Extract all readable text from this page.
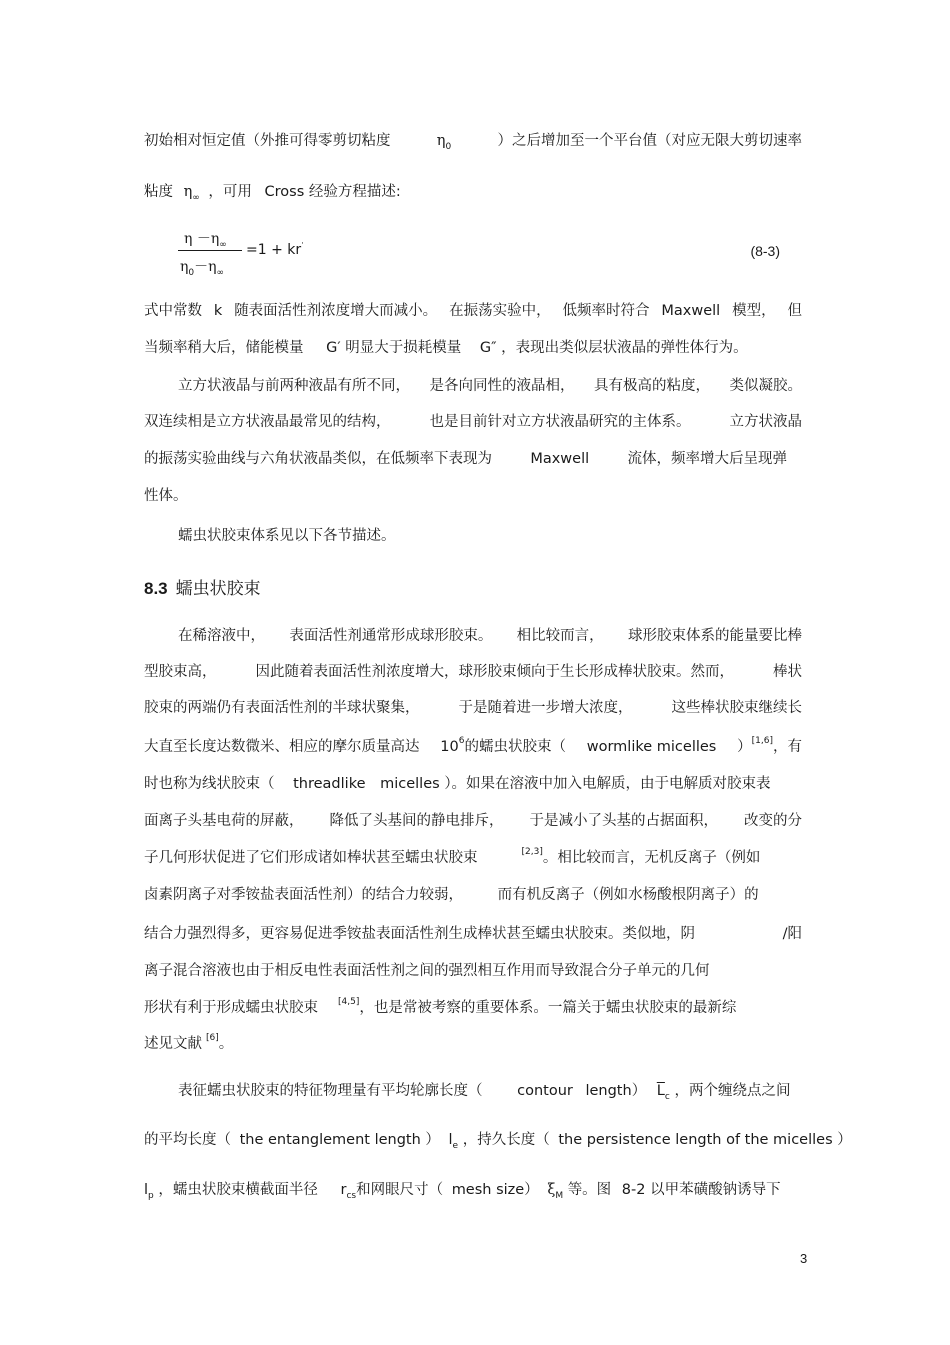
初始相对恒定值（外推可得零剪切粘度	$\eta_0$	）之后增加至一个平台值（对应无限大剪切速率
粘度 $\eta_\infty$ ，可用 Cross 经验方程描述:
$\eta -\eta_\infty$
$\eta_0-\eta_\infty$
=1 + kr·	(8-3)
式中常数 k 随表面活性剂浓度增大而减小。 在振荡实验中， 低频率时符合 Maxwell 模型， 但
当频率稍大后，储能模量 G′ 明显大于损耗模量 G″ ，表现出类似层状液晶的弹性体行为。
立方状液晶与前两种液晶有所不同， 是各向同性的液晶相， 具有极高的粘度， 类似凝胶。
双连续相是立方状液晶最常见的结构，	也是目前针对立方状液晶研究的主体系。	立方状液晶
的振荡实验曲线与六角状液晶类似，在低频率下表现为	Maxwell	流体，频率增大后呈现弹
性体。
蠕虫状胶束体系见以下各节描述。
8.3 蠕虫状胶束
在稀溶液中， 表面活性剂通常形成球形胶束。 相比较而言， 球形胶束体系的能量要比棒
型胶束高，	因此随着表面活性剂浓度增大，球形胶束倾向于生长形成棒状胶束。然而，	棒状
胶束的两端仍有表面活性剂的半球状聚集，	于是随着进一步增大浓度，	这些棒状胶束继续长
大直至长度达数微米、相应的摩尔质量高达 $10^6$的蠕虫状胶束（ wormlike micelles ）[1,6]，有
时也称为线状胶束（ threadlike micelles ）。如果在溶液中加入电解质，由于电解质对胶束表
面离子头基电荷的屏蔽， 降低了头基间的静电排斥， 于是减小了头基的占据面积， 改变的分
子几何形状促进了它们形成诸如棒状甚至蠕虫状胶束	[2,3]。相比较而言，无机反离子（例如
卤素阴离子对季铵盐表面活性剂）的结合力较弱， 而有机反离子（例如水杨酸根阴离子）的
结合力强烈得多，更容易促进季铵盐表面活性剂生成棒状甚至蠕虫状胶束。类似地，阴	/阳
离子混合溶液也由于相反电性表面活性剂之间的强烈相互作用而导致混合分子单元的几何
形状有利于形成蠕虫状胶束 [4,5]，也是常被考察的重要体系。一篇关于蠕虫状胶束的最新综
述见文献 [6]。
表征蠕虫状胶束的特征物理量有平均轮廓长度（ contour length） $\overline{L}_c$ ，两个缠绕点之间
的平均长度（ the entanglement length ） $l_e$ ，持久长度（ the persistence length of the micelles ）
$l_p$ ，蠕虫状胶束横截面半径 $r_{cs}$和网眼尺寸（ mesh size） $\xi_M$ 等。图 8-2 以甲苯磺酸钠诱导下
3
